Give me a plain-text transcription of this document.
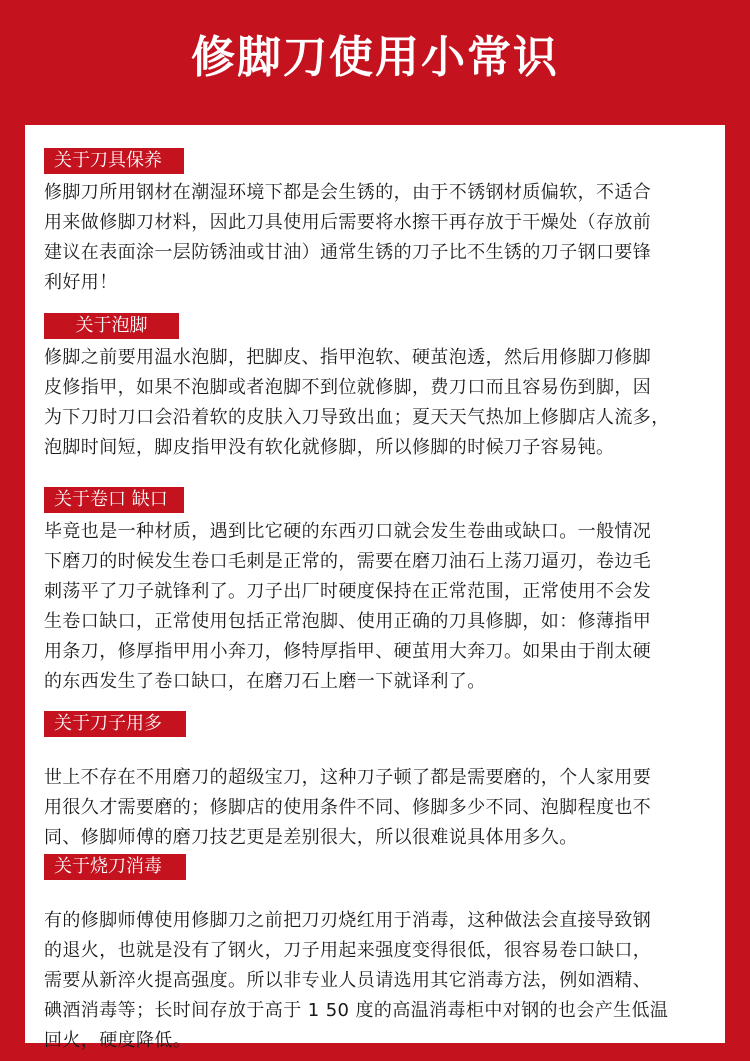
修脚刀使用小常识
关于刀具保养
修脚刀所用钢材在潮湿环境下都是会生锈的，由于不锈钢材质偏软，不适合
用来做修脚刀材料，因此刀具使用后需要将水擦干再存放于干燥处（存放前
建议在表面涂一层防锈油或甘油）通常生锈的刀子比不生锈的刀子钢口要锋
利好用！
关于泡脚
修脚之前要用温水泡脚，把脚皮、指甲泡软、硬茧泡透，然后用修脚刀修脚
皮修指甲，如果不泡脚或者泡脚不到位就修脚，费刀口而且容易伤到脚，因
为下刀时刀口会沿着软的皮肤入刀导致出血；夏天天气热加上修脚店人流多，
泡脚时间短，脚皮指甲没有软化就修脚，所以修脚的时候刀子容易钝。
关于卷口 缺口
毕竟也是一种材质，遇到比它硬的东西刃口就会发生卷曲或缺口。一般情况
下磨刀的时候发生卷口毛刺是正常的，需要在磨刀油石上荡刀逼刃，卷边毛
刺荡平了刀子就锋利了。刀子出厂时硬度保持在正常范围，正常使用不会发
生卷口缺口，正常使用包括正常泡脚、使用正确的刀具修脚，如：修薄指甲
用条刀，修厚指甲用小奔刀，修特厚指甲、硬茧用大奔刀。如果由于削太硬
的东西发生了卷口缺口，在磨刀石上磨一下就译利了。
关于刀子用多久
世上不存在不用磨刀的超级宝刀，这种刀子顿了都是需要磨的，个人家用要
用很久才需要磨的；修脚店的使用条件不同、修脚多少不同、泡脚程度也不
同、修脚师傅的磨刀技艺更是差别很大，所以很难说具体用多久。
关于烧刀消毒法
有的修脚师傅使用修脚刀之前把刀刃烧红用于消毒，这种做法会直接导致钢
的退火，也就是没有了钢火，刀子用起来强度变得很低，很容易卷口缺口，
需要从新淬火提高强度。所以非专业人员请选用其它消毒方法，例如酒精、
碘酒消毒等；长时间存放于高于 1 50 度的高温消毒柜中对钢的也会产生低温
回火，硬度降低。
